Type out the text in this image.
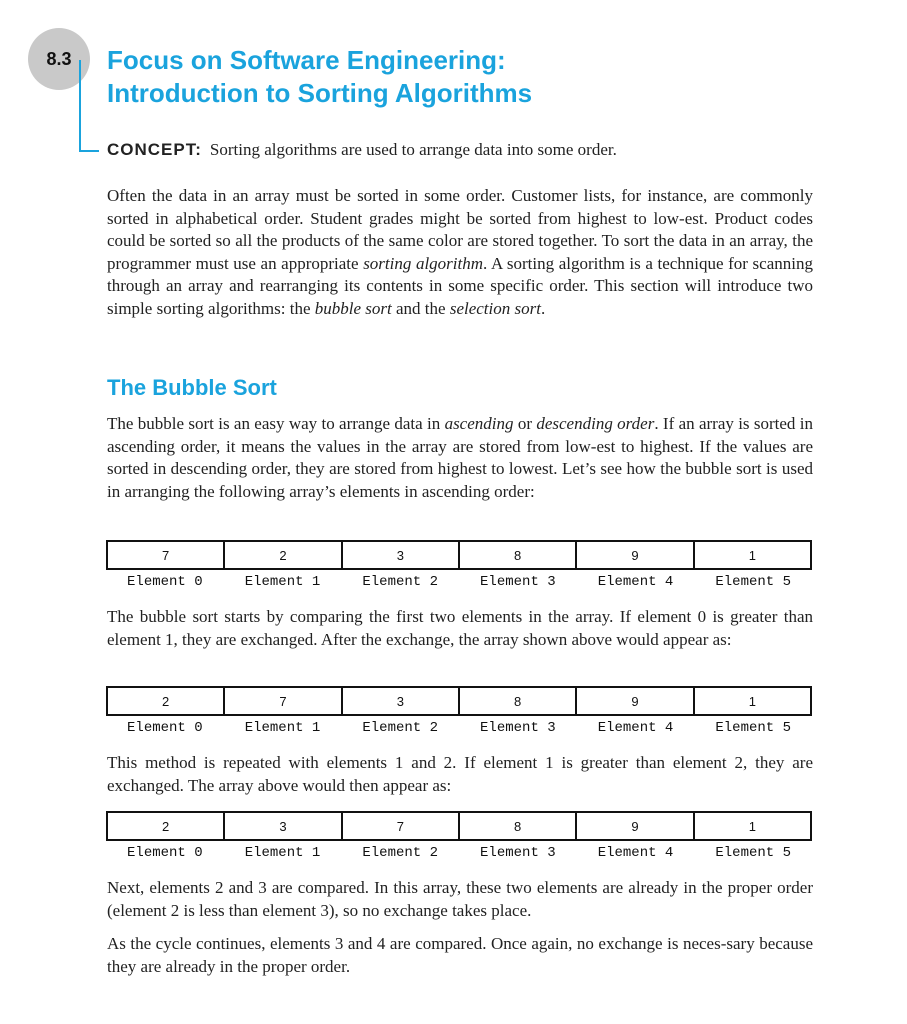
8.3 Focus on Software Engineering:
Introduction to Sorting Algorithms
CONCEPT: Sorting algorithms are used to arrange data into some order.

Often the data in an array must be sorted in some order. Customer lists, for instance, are commonly sorted in alphabetical order. Student grades might be sorted from highest to low-est. Product codes could be sorted so all the products of the same color are stored together. To sort the data in an array, the programmer must use an appropriate sorting algorithm. A sorting algorithm is a technique for scanning through an array and rearranging its contents in some specific order. This section will introduce two simple sorting algorithms: the bubble sort and the selection sort.

The Bubble Sort

The bubble sort is an easy way to arrange data in ascending or descending order. If an array is sorted in ascending order, it means the values in the array are stored from low-est to highest. If the values are sorted in descending order, they are stored from highest to lowest. Let’s see how the bubble sort is used in arranging the following array’s elements in ascending order:

7	2	3	8	9	1
Element 0	Element 1	Element 2	Element 3	Element 4	Element 5

The bubble sort starts by comparing the first two elements in the array. If element 0 is greater than element 1, they are exchanged. After the exchange, the array shown above would appear as:

2	7	3	8	9	1
Element 0	Element 1	Element 2	Element 3	Element 4	Element 5

This method is repeated with elements 1 and 2. If element 1 is greater than element 2, they are exchanged. The array above would then appear as:

2	3	7	8	9	1
Element 0	Element 1	Element 2	Element 3	Element 4	Element 5

Next, elements 2 and 3 are compared. In this array, these two elements are already in the proper order (element 2 is less than element 3), so no exchange takes place.

As the cycle continues, elements 3 and 4 are compared. Once again, no exchange is neces-sary because they are already in the proper order.
